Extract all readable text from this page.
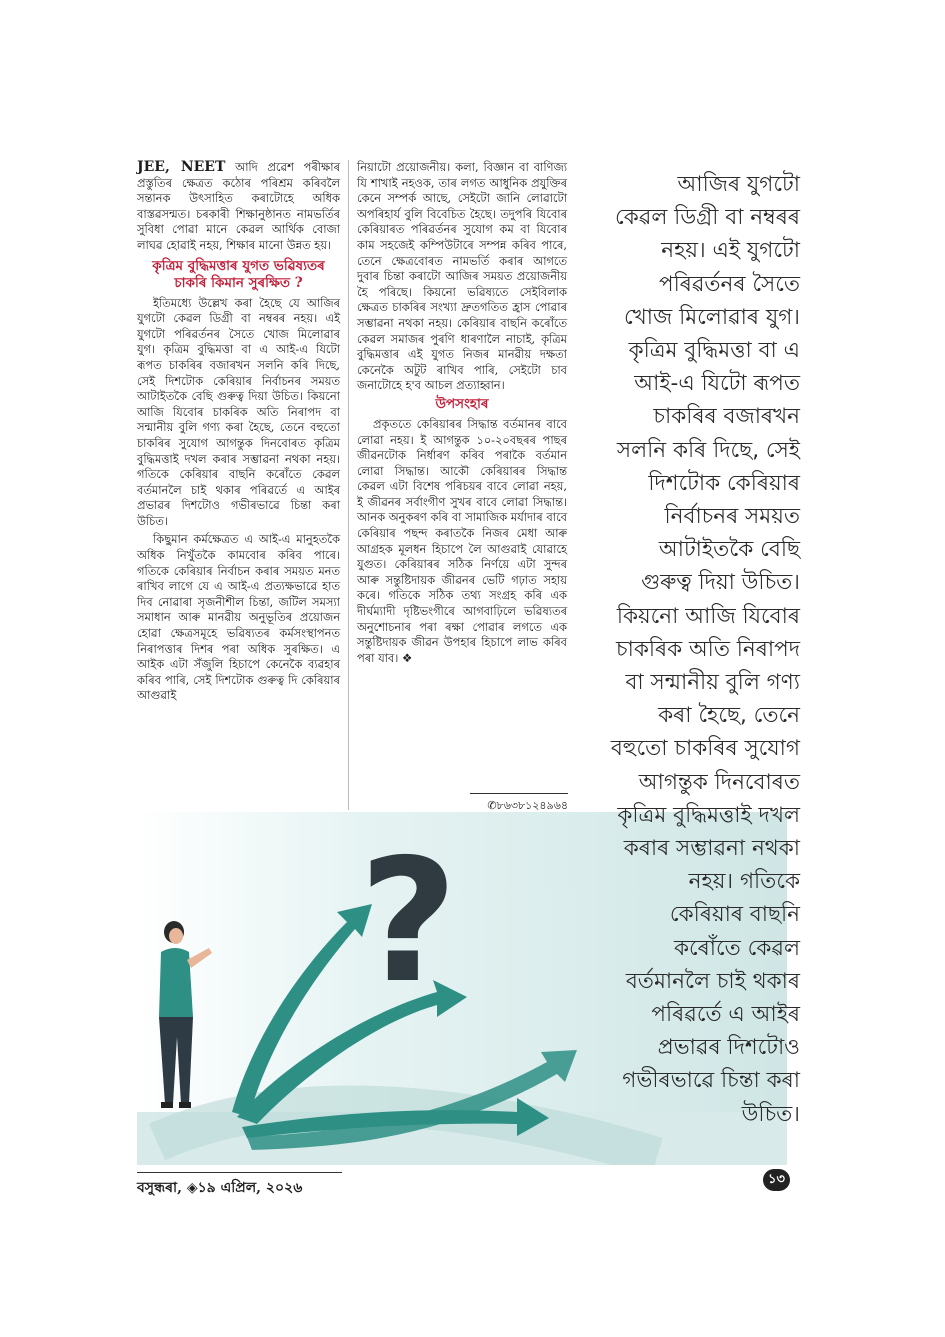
JEE, NEET আদি প্ৰৱেশ পৰীক্ষাৰ প্ৰস্তুতিৰ ক্ষেত্ৰত কঠোৰ পৰিশ্ৰম কৰিবলৈ সন্তানক উৎসাহিত কৰাটোহে অধিক বাস্তৱসন্মত। চৰকাৰী শিক্ষানুষ্ঠানত নামভৰ্তিৰ সুবিধা পোৱা মানে কেৱল আৰ্থিক বোজা লাঘৱ হোৱাই নহয়, শিক্ষাৰ মানো উন্নত হয়।

কৃত্ৰিম বুদ্ধিমত্তাৰ যুগত ভৱিষ্যতৰ চাকৰি কিমান সুৰক্ষিত ?

ইতিমধ্যে উল্লেখ কৰা হৈছে যে আজিৰ যুগটো কেৱল ডিগ্ৰী বা নম্বৰৰ নহয়। এই যুগটো পৰিৱৰ্তনৰ সৈতে খোজ মিলোৱাৰ যুগ। কৃত্ৰিম বুদ্ধিমত্তা বা এ আই-এ যিটো ৰূপত চাকৰিৰ বজাৰখন সলনি কৰি দিছে, সেই দিশটোক কেৰিয়াৰ নিৰ্বাচনৰ সময়ত আটাইতকৈ বেছি গুৰুত্ব দিয়া উচিত। কিয়নো আজি যিবোৰ চাকৰিক অতি নিৰাপদ বা সন্মানীয় বুলি গণ্য কৰা হৈছে, তেনে বহুতো চাকৰিৰ সুযোগ আগন্তুক দিনবোৰত কৃত্ৰিম বুদ্ধিমত্তাই দখল কৰাৰ সম্ভাৱনা নথকা নহয়। গতিকে কেৰিয়াৰ বাছনি কৰোঁতে কেৱল বৰ্তমানলৈ চাই থকাৰ পৰিৱৰ্তে এ আইৰ প্ৰভাৱৰ দিশটোও গভীৰভাৱে চিন্তা কৰা উচিত।

কিছুমান কৰ্মক্ষেত্ৰত এ আই-এ মানুহতকৈ অধিক নিখুঁতকৈ কামবোৰ কৰিব পাৰে। গতিকে কেৰিয়াৰ নিৰ্বাচন কৰাৰ সময়ত মনত ৰাখিব লাগে যে এ আই-এ প্ৰত্যক্ষভাৱে হাত দিব নোৱাৰা সৃজনীশীল চিন্তা, জটিল সমস্যা সমাধান আৰু মানৱীয় অনুভূতিৰ প্ৰয়োজন হোৱা ক্ষেত্ৰসমূহে ভৱিষ্যতৰ কৰ্মসংস্থাপনত নিৰাপত্তাৰ দিশৰ পৰা অধিক সুৰক্ষিত। এ আইক এটা সঁজুলি হিচাপে কেনেকৈ ব্যৱহাৰ কৰিব পাৰি, সেই দিশটোক গুৰুত্ব দি কেৰিয়াৰ আগুৱাই

নিয়াটো প্ৰয়োজনীয়। কলা, বিজ্ঞান বা বাণিজ্য যি শাখাই নহওক, তাৰ লগত আধুনিক প্ৰযুক্তিৰ কেনে সম্পৰ্ক আছে, সেইটো জানি লোৱাটো অপৰিহাৰ্য বুলি বিবেচিত হৈছে। তদুপৰি যিবোৰ কেৰিয়াৰত পৰিৱৰ্তনৰ সুযোগ কম বা যিবোৰ কাম সহজেই কম্পিউটাৰে সম্পন্ন কৰিব পাৰে, তেনে ক্ষেত্ৰবোৰত নামভৰ্তি কৰাৰ আগতে দুবাৰ চিন্তা কৰাটো আজিৰ সময়ত প্ৰয়োজনীয় হৈ পৰিছে। কিয়নো ভৱিষ্যতে সেইবিলাক ক্ষেত্ৰত চাকৰিৰ সংখ্যা দ্ৰুতগতিত হ্ৰাস পোৱাৰ সম্ভাৱনা নথকা নহয়। কেৰিয়াৰ বাছনি কৰোঁতে কেৱল সমাজৰ পুৰণি ধাৰণালৈ নাচাই, কৃত্ৰিম বুদ্ধিমত্তাৰ এই যুগত নিজৰ মানৱীয় দক্ষতা কেনেকৈ অটুট ৰাখিব পাৰি, সেইটো চাব জনাটোহে হ'ব আচল প্ৰত্যাহ্বান।

উপসংহাৰ

প্ৰকৃততে কেৰিয়াৰৰ সিদ্ধান্ত বৰ্তমানৰ বাবে লোৱা নহয়। ই আগন্তুক ১০-২০বছৰৰ পাছৰ জীৱনটোক নিৰ্ধাৰণ কৰিব পৰাকৈ বৰ্তমান লোৱা সিদ্ধান্ত। আকৌ কেৰিয়াৰৰ সিদ্ধান্ত কেৱল এটা বিশেষ পৰিচয়ৰ বাবে লোৱা নহয়, ই জীৱনৰ সৰ্বাংগীণ সুখৰ বাবে লোৱা সিদ্ধান্ত। আনক অনুকৰণ কৰি বা সামাজিক মৰ্যাদাৰ বাবে কেৰিয়াৰ পছন্দ কৰাতকৈ নিজৰ মেধা আৰু আগ্ৰহক মূলধন হিচাপে লৈ আগুৱাই যোৱাহে যুগুত। কেৰিয়াৰৰ সঠিক নিৰ্ণয়ে এটা সুন্দৰ আৰু সন্তুষ্টিদায়ক জীৱনৰ ভেটি গঢ়াত সহায় কৰে। গতিকে সঠিক তথ্য সংগ্ৰহ কৰি এক দীৰ্ঘম্যাদী দৃষ্টিভংগীৰে আগবাঢ়িলে ভৱিষ্যতৰ অনুশোচনাৰ পৰা ৰক্ষা পোৱাৰ লগতে এক সন্তুষ্টিদায়ক জীৱন উপহাৰ হিচাপে লাভ কৰিব পৰা যাব। ❖

✆৮৬৩৮১২৪৯৬৪
?

আজিৰ যুগটো

কেৱল ডিগ্ৰী বা নম্বৰৰ

নহয়। এই যুগটো

পৰিৱৰ্তনৰ সৈতে

খোজ মিলোৱাৰ যুগ।

কৃত্ৰিম বুদ্ধিমত্তা বা এ

আই-এ যিটো ৰূপত

চাকৰিৰ বজাৰখন

সলনি কৰি দিছে, সেই

দিশটোক কেৰিয়াৰ

নিৰ্বাচনৰ সময়ত

আটাইতকৈ বেছি

গুৰুত্ব দিয়া উচিত।

কিয়নো আজি যিবোৰ

চাকৰিক অতি নিৰাপদ

বা সন্মানীয় বুলি গণ্য

কৰা হৈছে, তেনে

বহুতো চাকৰিৰ সুযোগ

আগন্তুক দিনবোৰত

কৃত্ৰিম বুদ্ধিমত্তাই দখল

কৰাৰ সম্ভাৱনা নথকা

নহয়। গতিকে

কেৰিয়াৰ বাছনি

কৰোঁতে কেৱল

বৰ্তমানলৈ চাই থকাৰ

পৰিৱৰ্তে এ আইৰ

প্ৰভাৱৰ দিশটোও

গভীৰভাৱে চিন্তা কৰা

উচিত।

বসুন্ধৰা, ◈১৯ এপ্ৰিল, ২০২৬
১৩
